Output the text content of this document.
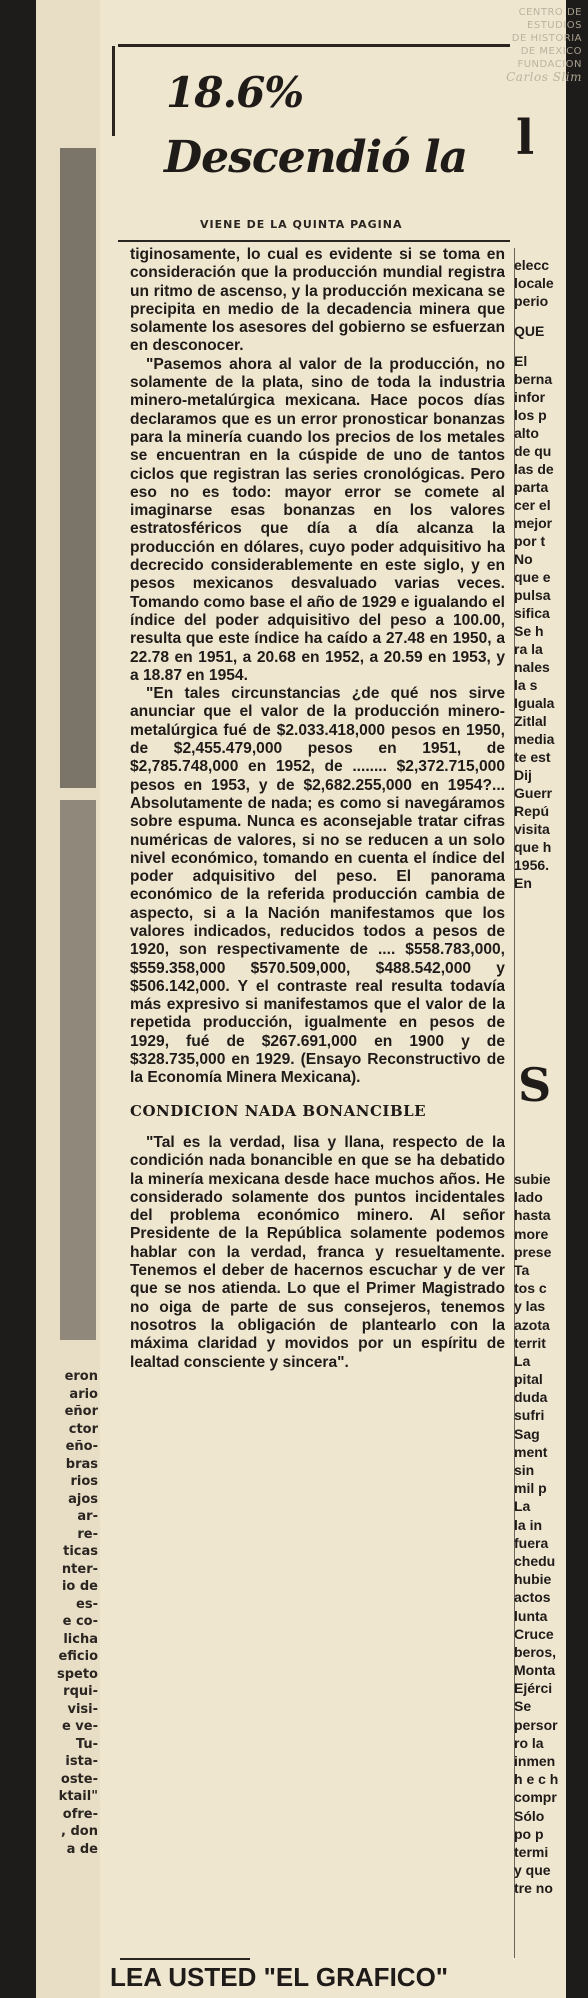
CENTRO DE
ESTUDIOS
DE HISTORIA
DE MEXICO
FUNDACION
Carlos Slim
eron
ario
eñor
ctor
eño-
bras
rios
ajos
ar-
re-
ticas
nter-
io de
es-
e co-
licha
eficio
speto
rqui-
visi-
e ve-
Tu-
ista-
oste-
ktail"
ofre-
, don
a de
18.6%
Descendió la
VIENE DE LA QUINTA PAGINA

tiginosamente, lo cual es evidente si se toma en consideración que la producción mundial registra un ritmo de ascenso, y la producción mexicana se precipita en medio de la decadencia minera que solamente los asesores del gobierno se esfuerzan en desconocer.

"Pasemos ahora al valor de la producción, no solamente de la plata, sino de toda la industria minero-metalúrgica mexicana. Hace pocos días declaramos que es un error pronosticar bonanzas para la minería cuando los precios de los metales se encuentran en la cúspide de uno de tantos ciclos que registran las series cronológicas. Pero eso no es todo: mayor error se comete al imaginarse esas bonanzas en los valores estratosféricos que día a día alcanza la producción en dólares, cuyo poder adquisitivo ha decrecido considerablemente en este siglo, y en pesos mexicanos desvaluado varias veces. Tomando como base el año de 1929 e igualando el índice del poder adquisitivo del peso a 100.00, resulta que este índice ha caído a 27.48 en 1950, a 22.78 en 1951, a 20.68 en 1952, a 20.59 en 1953, y a 18.87 en 1954.

"En tales circunstancias ¿de qué nos sirve anunciar que el valor de la producción minero-metalúrgica fué de $2.033.418,000 pesos en 1950, de $2,455.479,000 pesos en 1951, de $2,785.748,000 en 1952, de ........ $2,372.715,000 pesos en 1953, y de $2,682.255,000 en 1954?... Absolutamente de nada; es como si navegáramos sobre espuma. Nunca es aconsejable tratar cifras numéricas de valores, si no se reducen a un solo nivel económico, tomando en cuenta el índice del poder adquisitivo del peso. El panorama económico de la referida producción cambia de aspecto, si a la Nación manifestamos que los valores indicados, reducidos todos a pesos de 1920, son respectivamente de .... $558.783,000, $559.358,000 $570.509,000, $488.542,000 y $506.142,000. Y el contraste real resulta todavía más expresivo si manifestamos que el valor de la repetida producción, igualmente en pesos de 1929, fué de $267.691,000 en 1900 y de $328.735,000 en 1929. (Ensayo Reconstructivo de la Economía Minera Mexicana).

CONDICION NADA BONANCIBLE

"Tal es la verdad, lisa y llana, respecto de la condición nada bonancible en que se ha debatido la minería mexicana desde hace muchos años. He considerado solamente dos puntos incidentales del problema económico minero. Al señor Presidente de la República solamente podemos hablar con la verdad, franca y resueltamente. Tenemos el deber de hacernos escuchar y de ver que se nos atienda. Lo que el Primer Magistrado no oiga de parte de sus consejeros, tenemos nosotros la obligación de plantearlo con la máxima claridad y movidos por un espíritu de lealtad consciente y sincera".

LEA USTED "EL GRAFICO"
l
elecc
locale
perio
QUE
El
berna
infor
los p
alto
de qu
las de
parta
cer el
mejor
por t
No
que e
pulsa
sifica
Se h
ra la
nales
la s
Iguala
Zitlal
media
te est
Dij
Guerr
Repú
visita
que h
1956.
En
S
subie
lado
hasta
more
prese
Ta
tos c
y las
azota
territ
La
pital
duda
sufri
Sag
ment
sin
mil p
La
la in
fuera
chedu
hubie
actos
lunta
Cruce
beros,
Monta
Ejérci
Se
persor
ro la
inmen
h e c h
compr
Sólo
po p
termi
y que
tre no
